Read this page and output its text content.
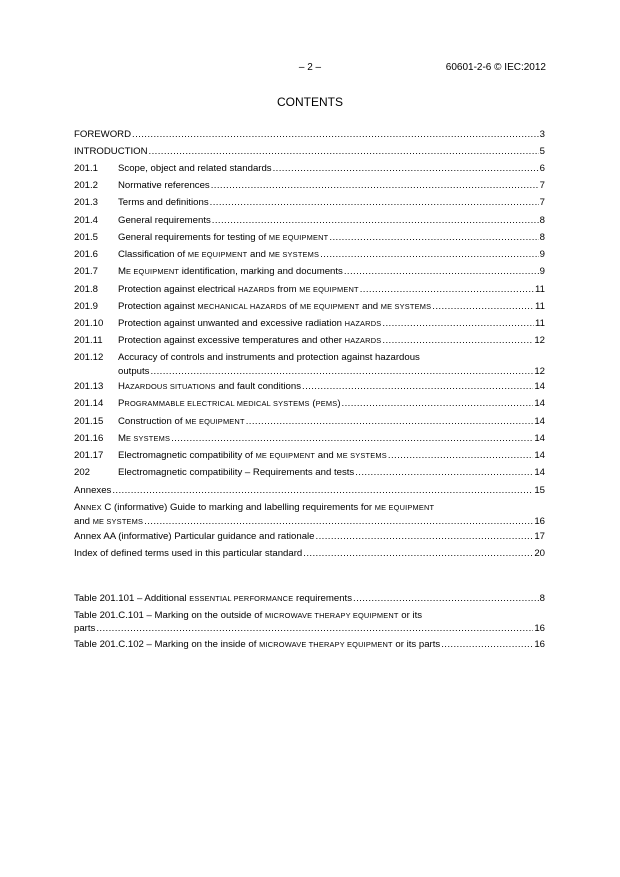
– 2 –	60601-2-6 © IEC:2012
CONTENTS
FOREWORD .....	3
INTRODUCTION .....	5
201.1	Scope, object and related standards .....	6
201.2	Normative references .....	7
201.3	Terms and definitions .....	7
201.4	General requirements .....	8
201.5	General requirements for testing of ME EQUIPMENT .....	8
201.6	Classification of ME EQUIPMENT and ME SYSTEMS .....	9
201.7	ME EQUIPMENT identification, marking and documents .....	9
201.8	Protection against electrical HAZARDS from ME EQUIPMENT .....	11
201.9	Protection against MECHANICAL HAZARDS of ME EQUIPMENT and ME SYSTEMS .....	11
201.10	Protection against unwanted and excessive radiation HAZARDS .....	11
201.11	Protection against excessive temperatures and other HAZARDS .....	12
201.12	Accuracy of controls and instruments and protection against hazardous
outputs .....	12
201.13	HAZARDOUS SITUATIONS and fault conditions .....	14
201.14	PROGRAMMABLE ELECTRICAL MEDICAL SYSTEMS (PEMS) .....	14
201.15	Construction of ME EQUIPMENT .....	14
201.16	ME SYSTEMS .....	14
201.17	Electromagnetic compatibility of ME EQUIPMENT and ME SYSTEMS .....	14
202	Electromagnetic compatibility – Requirements and tests .....	14
Annexes .....	15
ANNEX C (informative) Guide to marking and labelling requirements for ME EQUIPMENT
and ME SYSTEMS .....	16
Annex AA (informative) Particular guidance and rationale .....	17
Index of defined terms used in this particular standard .....	20
Table 201.101 – Additional ESSENTIAL PERFORMANCE requirements .....	8
Table 201.C.101 – Marking on the outside of MICROWAVE THERAPY EQUIPMENT or its
parts .....	16
Table 201.C.102 – Marking on the inside of MICROWAVE THERAPY EQUIPMENT or its parts .....	16
